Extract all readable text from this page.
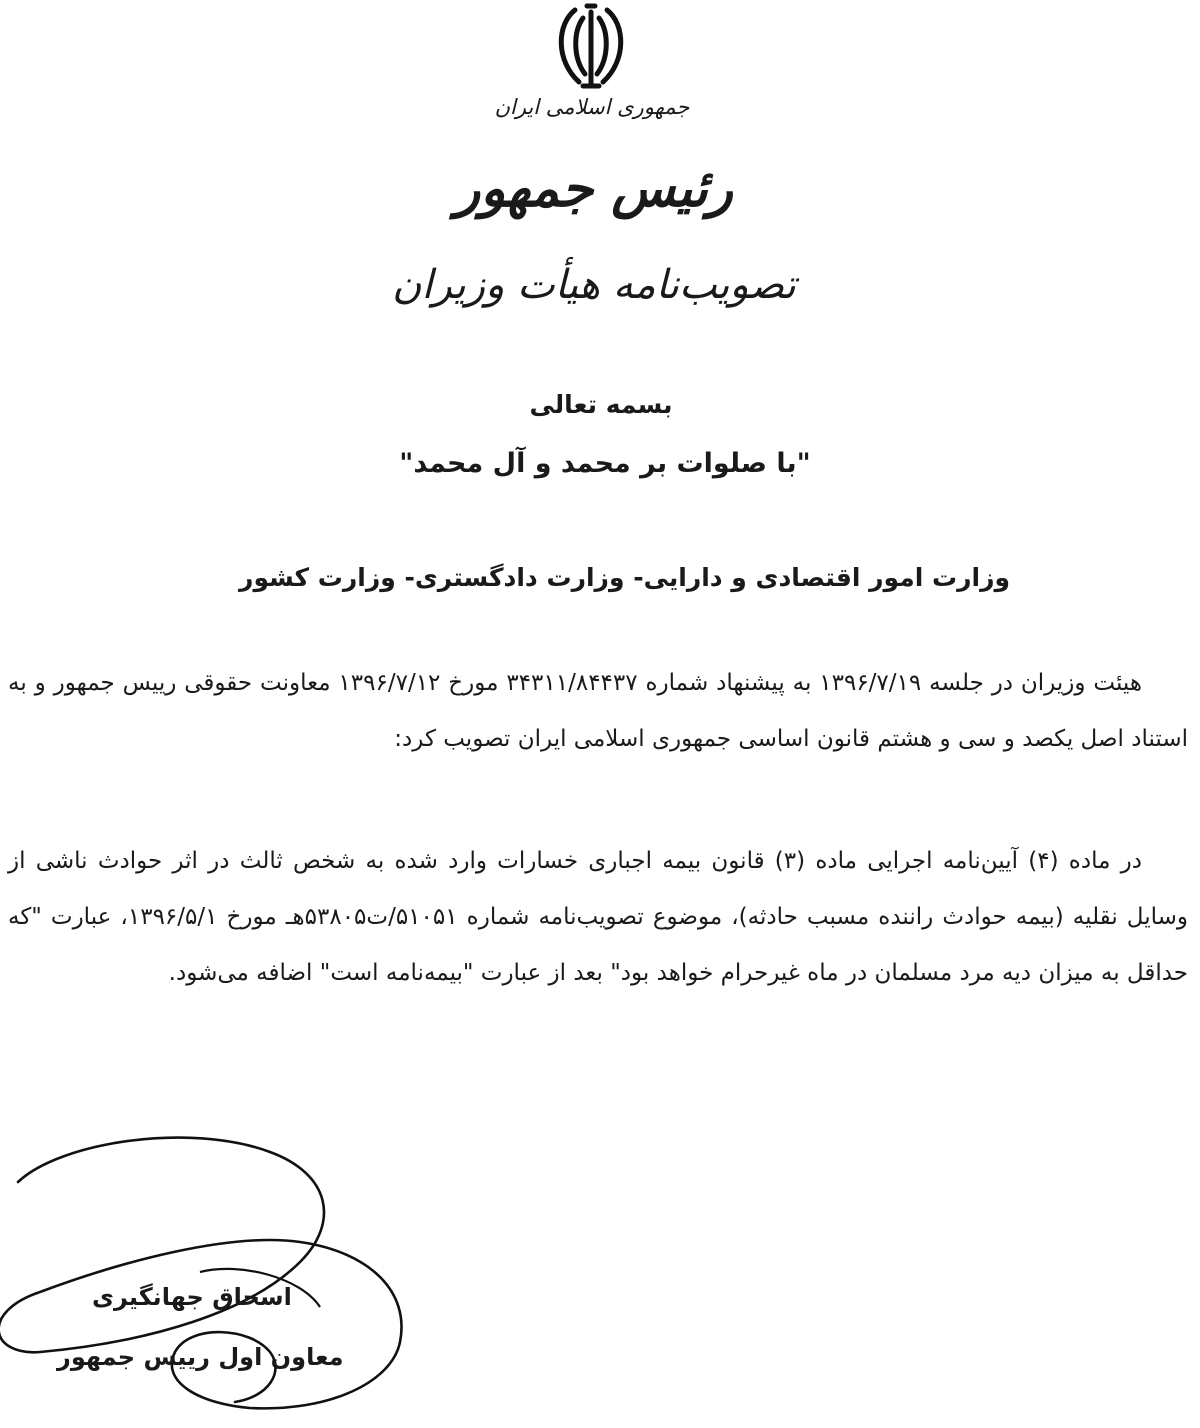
جمهوری اسلامی ایران
رئیس جمهور
تصویب‌نامه هیأت وزیران
بسمه تعالی
"با صلوات بر محمد و آل محمد"
وزارت امور اقتصادی و دارایی- وزارت دادگستری- وزارت کشور
هیئت وزیران در جلسه ۱۳۹۶/۷/۱۹ به پیشنهاد شماره ۳۴۳۱۱/۸۴۴۳۷ مورخ ۱۳۹۶/۷/۱۲ معاونت حقوقی رییس جمهور و به استناد اصل یکصد و سی و هشتم قانون اساسی جمهوری اسلامی ایران تصویب کرد:
در ماده (۴) آیین‌نامه اجرایی ماده (۳) قانون بیمه اجباری خسارات وارد شده به شخص ثالث در اثر حوادث ناشی از وسایل نقلیه (بیمه حوادث راننده مسبب حادثه)، موضوع تصویب‌نامه شماره ۵۱۰۵۱/ت۵۳۸۰۵هـ مورخ ۱۳۹۶/۵/۱، عبارت "که حداقل به میزان دیه مرد مسلمان در ماه غیرحرام خواهد بود" بعد از عبارت "بیمه‌نامه است" اضافه می‌شود.
اسحاق جهانگیری
معاون اول رییس جمهور
